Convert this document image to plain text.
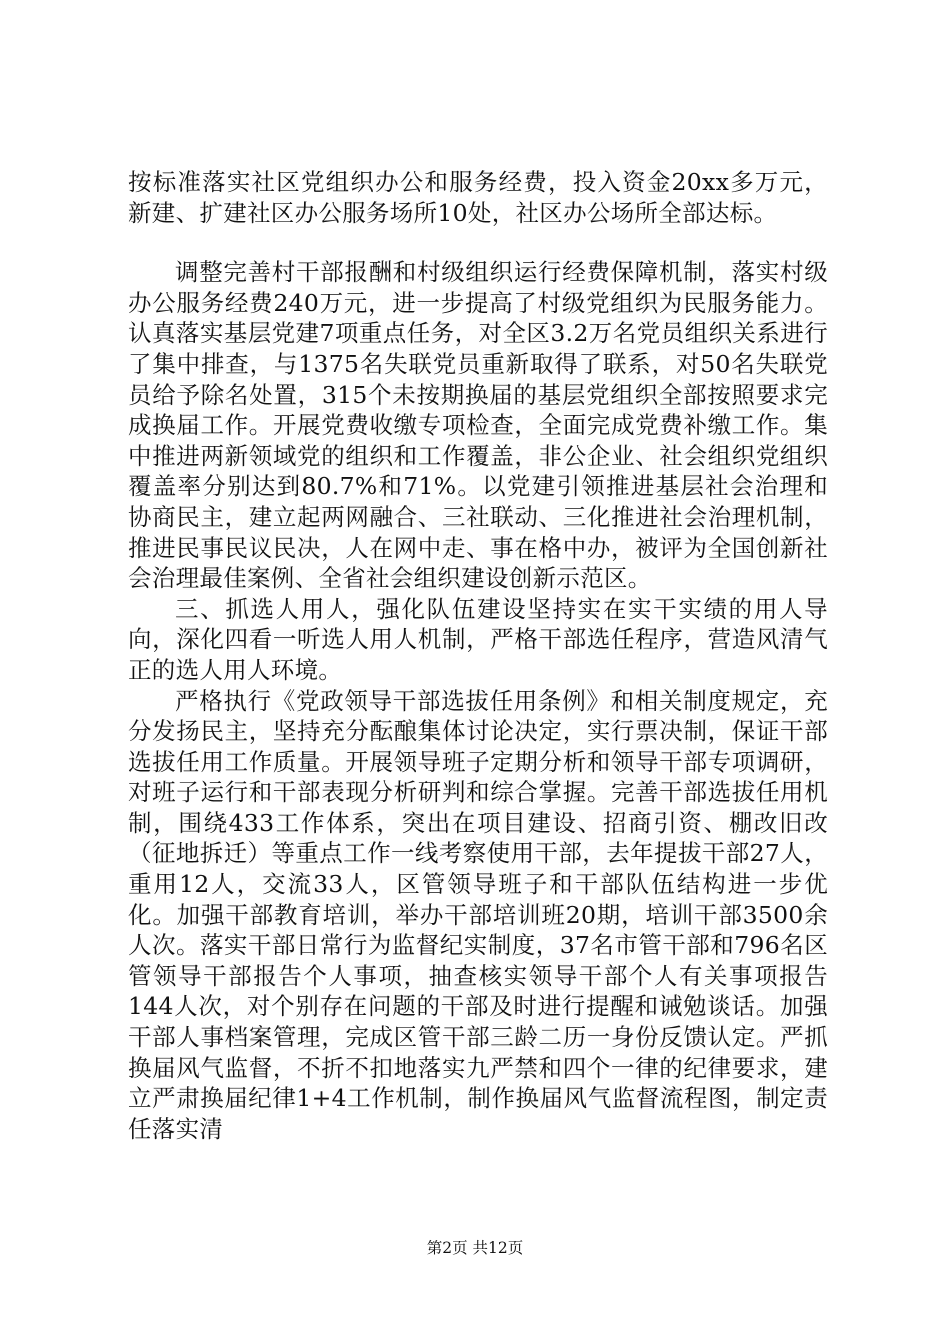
按标准落实社区党组织办公和服务经费，投入资金20xx多万元，新建、扩建社区办公服务场所10处，社区办公场所全部达标。

调整完善村干部报酬和村级组织运行经费保障机制，落实村级办公服务经费240万元，进一步提高了村级党组织为民服务能力。认真落实基层党建7项重点任务，对全区3.2万名党员组织关系进行了集中排查，与1375名失联党员重新取得了联系，对50名失联党员给予除名处置，315个未按期换届的基层党组织全部按照要求完成换届工作。开展党费收缴专项检查，全面完成党费补缴工作。集中推进两新领域党的组织和工作覆盖，非公企业、社会组织党组织覆盖率分别达到80.7%和71%。以党建引领推进基层社会治理和协商民主，建立起两网融合、三社联动、三化推进社会治理机制，推进民事民议民决，人在网中走、事在格中办，被评为全国创新社会治理最佳案例、全省社会组织建设创新示范区。

三、抓选人用人，强化队伍建设坚持实在实干实绩的用人导向，深化四看一听选人用人机制，严格干部选任程序，营造风清气正的选人用人环境。

严格执行《党政领导干部选拔任用条例》和相关制度规定，充分发扬民主，坚持充分酝酿集体讨论决定，实行票决制，保证干部选拔任用工作质量。开展领导班子定期分析和领导干部专项调研，对班子运行和干部表现分析研判和综合掌握。完善干部选拔任用机制，围绕433工作体系，突出在项目建设、招商引资、棚改旧改（征地拆迁）等重点工作一线考察使用干部，去年提拔干部27人，重用12人，交流33人，区管领导班子和干部队伍结构进一步优化。加强干部教育培训，举办干部培训班20期，培训干部3500余人次。落实干部日常行为监督纪实制度，37名市管干部和796名区管领导干部报告个人事项，抽查核实领导干部个人有关事项报告144人次，对个别存在问题的干部及时进行提醒和诫勉谈话。加强干部人事档案管理，完成区管干部三龄二历一身份反馈认定。严抓换届风气监督，不折不扣地落实九严禁和四个一律的纪律要求，建立严肃换届纪律1+4工作机制，制作换届风气监督流程图，制定责任落实清

第2页 共12页
